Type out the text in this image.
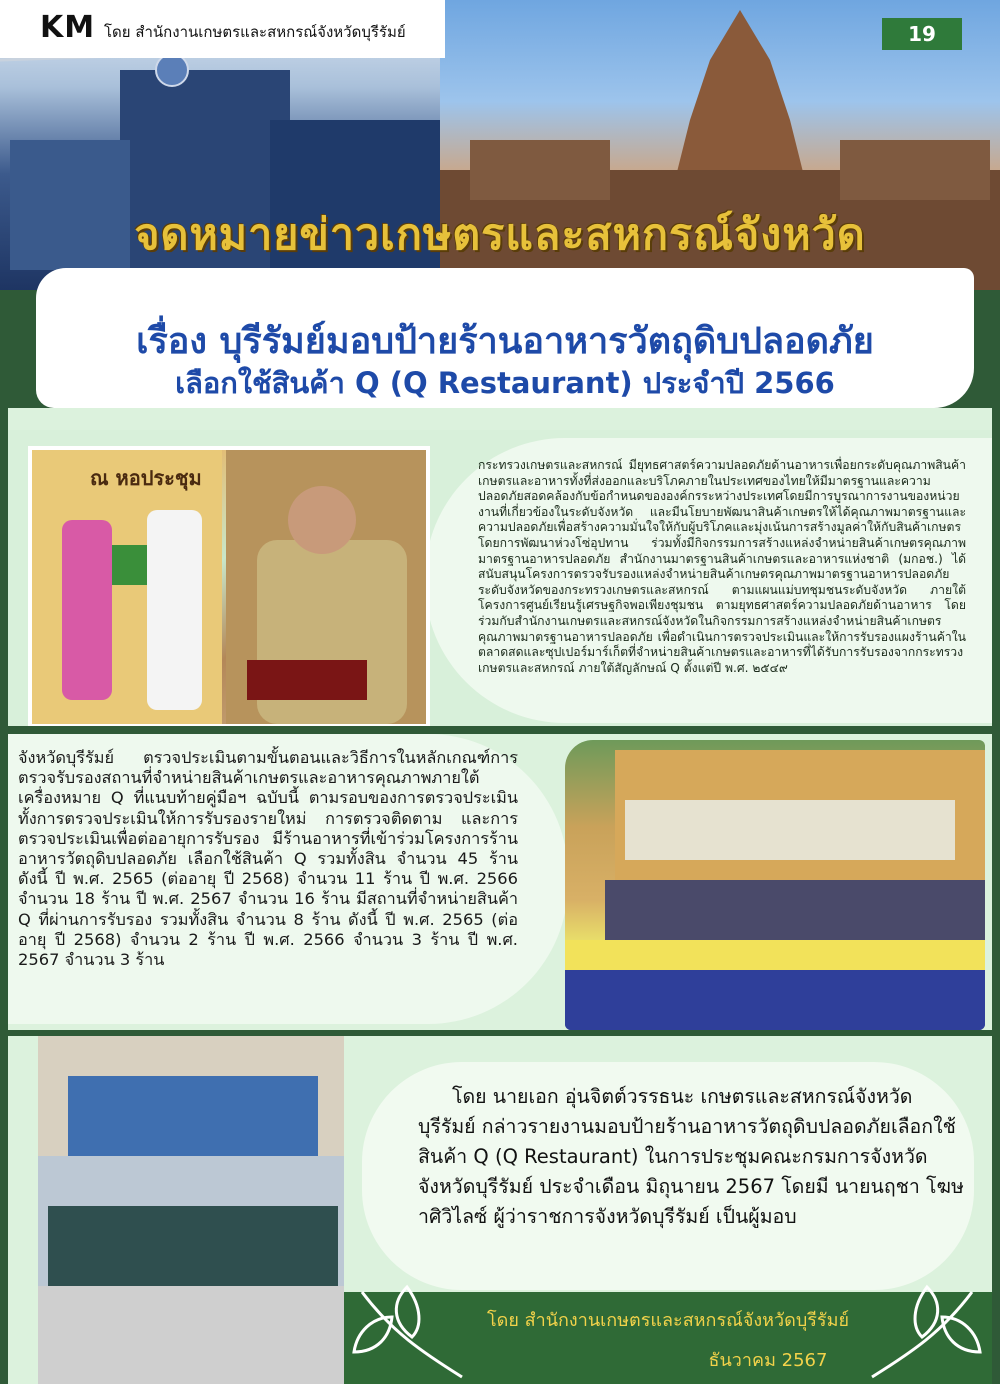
KM โดย สำนักงานเกษตรและสหกรณ์จังหวัดบุรีรัมย์	19
จดหมายข่าวเกษตรและสหกรณ์จังหวัด
เรื่อง บุรีรัมย์มอบป้ายร้านอาหารวัตถุดิบปลอดภัย
เลือกใช้สินค้า Q (Q Restaurant) ประจำปี 2566
กระทรวงเกษตรและสหกรณ์ มียุทธศาสตร์ความปลอดภัยด้านอาหารเพื่อยกระดับคุณภาพสินค้าเกษตรและอาหารทั้งที่ส่งออกและบริโภคภายในประเทศของไทยให้มีมาตรฐานและความปลอดภัยสอดคล้องกับข้อกำหนดขององค์กรระหว่างประเทศโดยมีการบูรณาการงานของหน่วยงานที่เกี่ยวข้องในระดับจังหวัด และมีนโยบายพัฒนาสินค้าเกษตรให้ได้คุณภาพมาตรฐานและความปลอดภัยเพื่อสร้างความมั่นใจให้กับผู้บริโภคและมุ่งเน้นการสร้างมูลค่าให้กับสินค้าเกษตรโดยการพัฒนาห่วงโซ่อุปทาน ร่วมทั้งมีกิจกรรมการสร้างแหล่งจำหน่ายสินค้าเกษตรคุณภาพมาตรฐานอาหารปลอดภัย สำนักงานมาตรฐานสินค้าเกษตรและอาหารแห่งชาติ (มกอช.) ได้สนับสนุนโครงการตรวจรับรองแหล่งจำหน่ายสินค้าเกษตรคุณภาพมาตรฐานอาหารปลอดภัย ระดับจังหวัดของกระทรวงเกษตรและสหกรณ์ ตามแผนแม่บทชุมชนระดับจังหวัด ภายใต้โครงการศูนย์เรียนรู้เศรษฐกิจพอเพียงชุมชน ตามยุทธศาสตร์ความปลอดภัยด้านอาหาร โดยร่วมกับสำนักงานเกษตรและสหกรณ์จังหวัดในกิจกรรมการสร้างแหล่งจำหน่ายสินค้าเกษตรคุณภาพมาตรฐานอาหารปลอดภัย เพื่อดำเนินการตรวจประเมินและให้การรับรองแผงร้านค้าในตลาดสดและซุปเปอร์มาร์เก็ตที่จำหน่ายสินค้าเกษตรและอาหารที่ได้รับการรับรองจากกระทรวงเกษตรและสหกรณ์ ภายใต้สัญลักษณ์ Q ตั้งแต่ปี พ.ศ. ๒๕๔๙
ณ หอประชุม
จังหวัดบุรีรัมย์ ตรวจประเมินตามขั้นตอนและวิธีการในหลักเกณฑ์การตรวจรับรองสถานที่จำหน่ายสินค้าเกษตรและอาหารคุณภาพภายใต้เครื่องหมาย Q ที่แนบท้ายคู่มือฯ ฉบับนี้ ตามรอบของการตรวจประเมิน ทั้งการตรวจประเมินให้การรับรองรายใหม่ การตรวจติดตาม และการตรวจประเมินเพื่อต่ออายุการรับรอง มีร้านอาหารที่เข้าร่วมโครงการร้านอาหารวัตถุดิบปลอดภัย เลือกใช้สินค้า Q รวมทั้งสิน จำนวน 45 ร้าน ดังนี้ ปี พ.ศ. 2565 (ต่ออายุ ปี 2568) จำนวน 11 ร้าน ปี พ.ศ. 2566 จำนวน 18 ร้าน ปี พ.ศ. 2567 จำนวน 16 ร้าน มีสถานที่จำหน่ายสินค้า Q ที่ผ่านการรับรอง รวมทั้งสิน จำนวน 8 ร้าน ดังนี้ ปี พ.ศ. 2565 (ต่ออายุ ปี 2568) จำนวน 2 ร้าน ปี พ.ศ. 2566 จำนวน 3 ร้าน ปี พ.ศ. 2567 จำนวน 3 ร้าน
โดย นายเอก อุ่นจิตต์วรรธนะ เกษตรและสหกรณ์จังหวัดบุรีรัมย์ กล่าวรายงานมอบป้ายร้านอาหารวัตถุดิบปลอดภัยเลือกใช้สินค้า Q (Q Restaurant) ในการประชุมคณะกรมการจังหวัด จังหวัดบุรีรัมย์ ประจำเดือน มิถุนายน 2567 โดยมี นายนฤชา โฆษาศิวิไลซ์ ผู้ว่าราชการจังหวัดบุรีรัมย์ เป็นผู้มอบ
โดย สำนักงานเกษตรและสหกรณ์จังหวัดบุรีรัมย์
ธันวาคม 2567
